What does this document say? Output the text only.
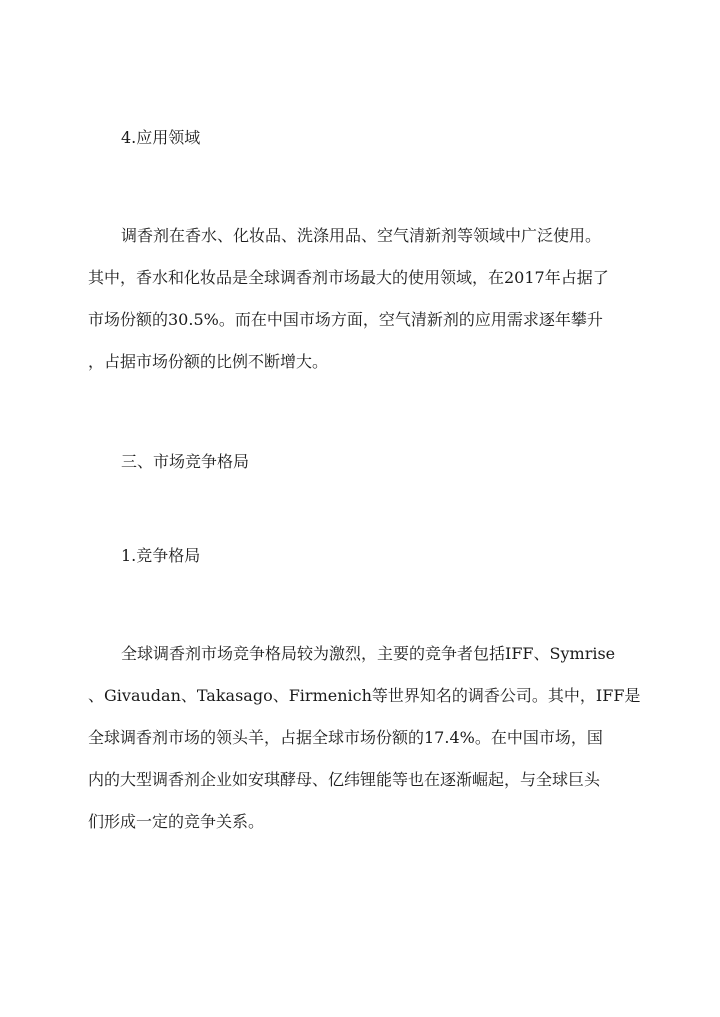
4.应用领域
调香剂在香水、化妆品、洗涤用品、空气清新剂等领域中广泛使用。
其中，香水和化妆品是全球调香剂市场最大的使用领域，在2017年占据了
市场份额的30.5%。而在中国市场方面，空气清新剂的应用需求逐年攀升
，占据市场份额的比例不断增大。
三、市场竞争格局
1.竞争格局
全球调香剂市场竞争格局较为激烈，主要的竞争者包括IFF、Symrise
、Givaudan、Takasago、Firmenich等世界知名的调香公司。其中，IFF是
全球调香剂市场的领头羊，占据全球市场份额的17.4%。在中国市场，国
内的大型调香剂企业如安琪酵母、亿纬锂能等也在逐渐崛起，与全球巨头
们形成一定的竞争关系。
